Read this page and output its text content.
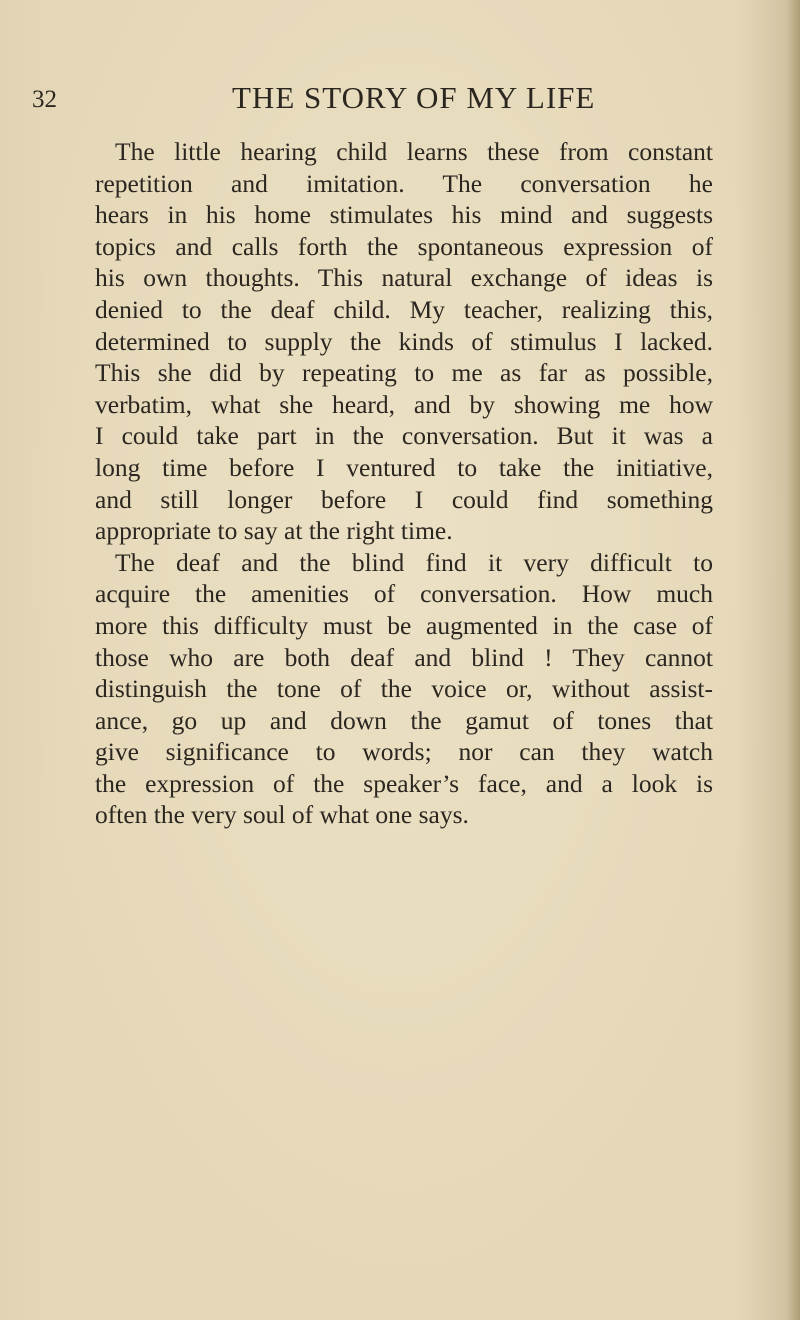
32	THE STORY OF MY LIFE
The little hearing child learns these from constant
repetition and imitation. The conversation he
hears in his home stimulates his mind and suggests
topics and calls forth the spontaneous expression of
his own thoughts. This natural exchange of ideas is
denied to the deaf child. My teacher, realizing this,
determined to supply the kinds of stimulus I lacked.
This she did by repeating to me as far as possible,
verbatim, what she heard, and by showing me how
I could take part in the conversation. But it was a
long time before I ventured to take the initiative,
and still longer before I could find something
appropriate to say at the right time.
The deaf and the blind find it very difficult to
acquire the amenities of conversation. How much
more this difficulty must be augmented in the case of
those who are both deaf and blind ! They cannot
distinguish the tone of the voice or, without assist-
ance, go up and down the gamut of tones that
give significance to words; nor can they watch
the expression of the speaker’s face, and a look is
often the very soul of what one says.
